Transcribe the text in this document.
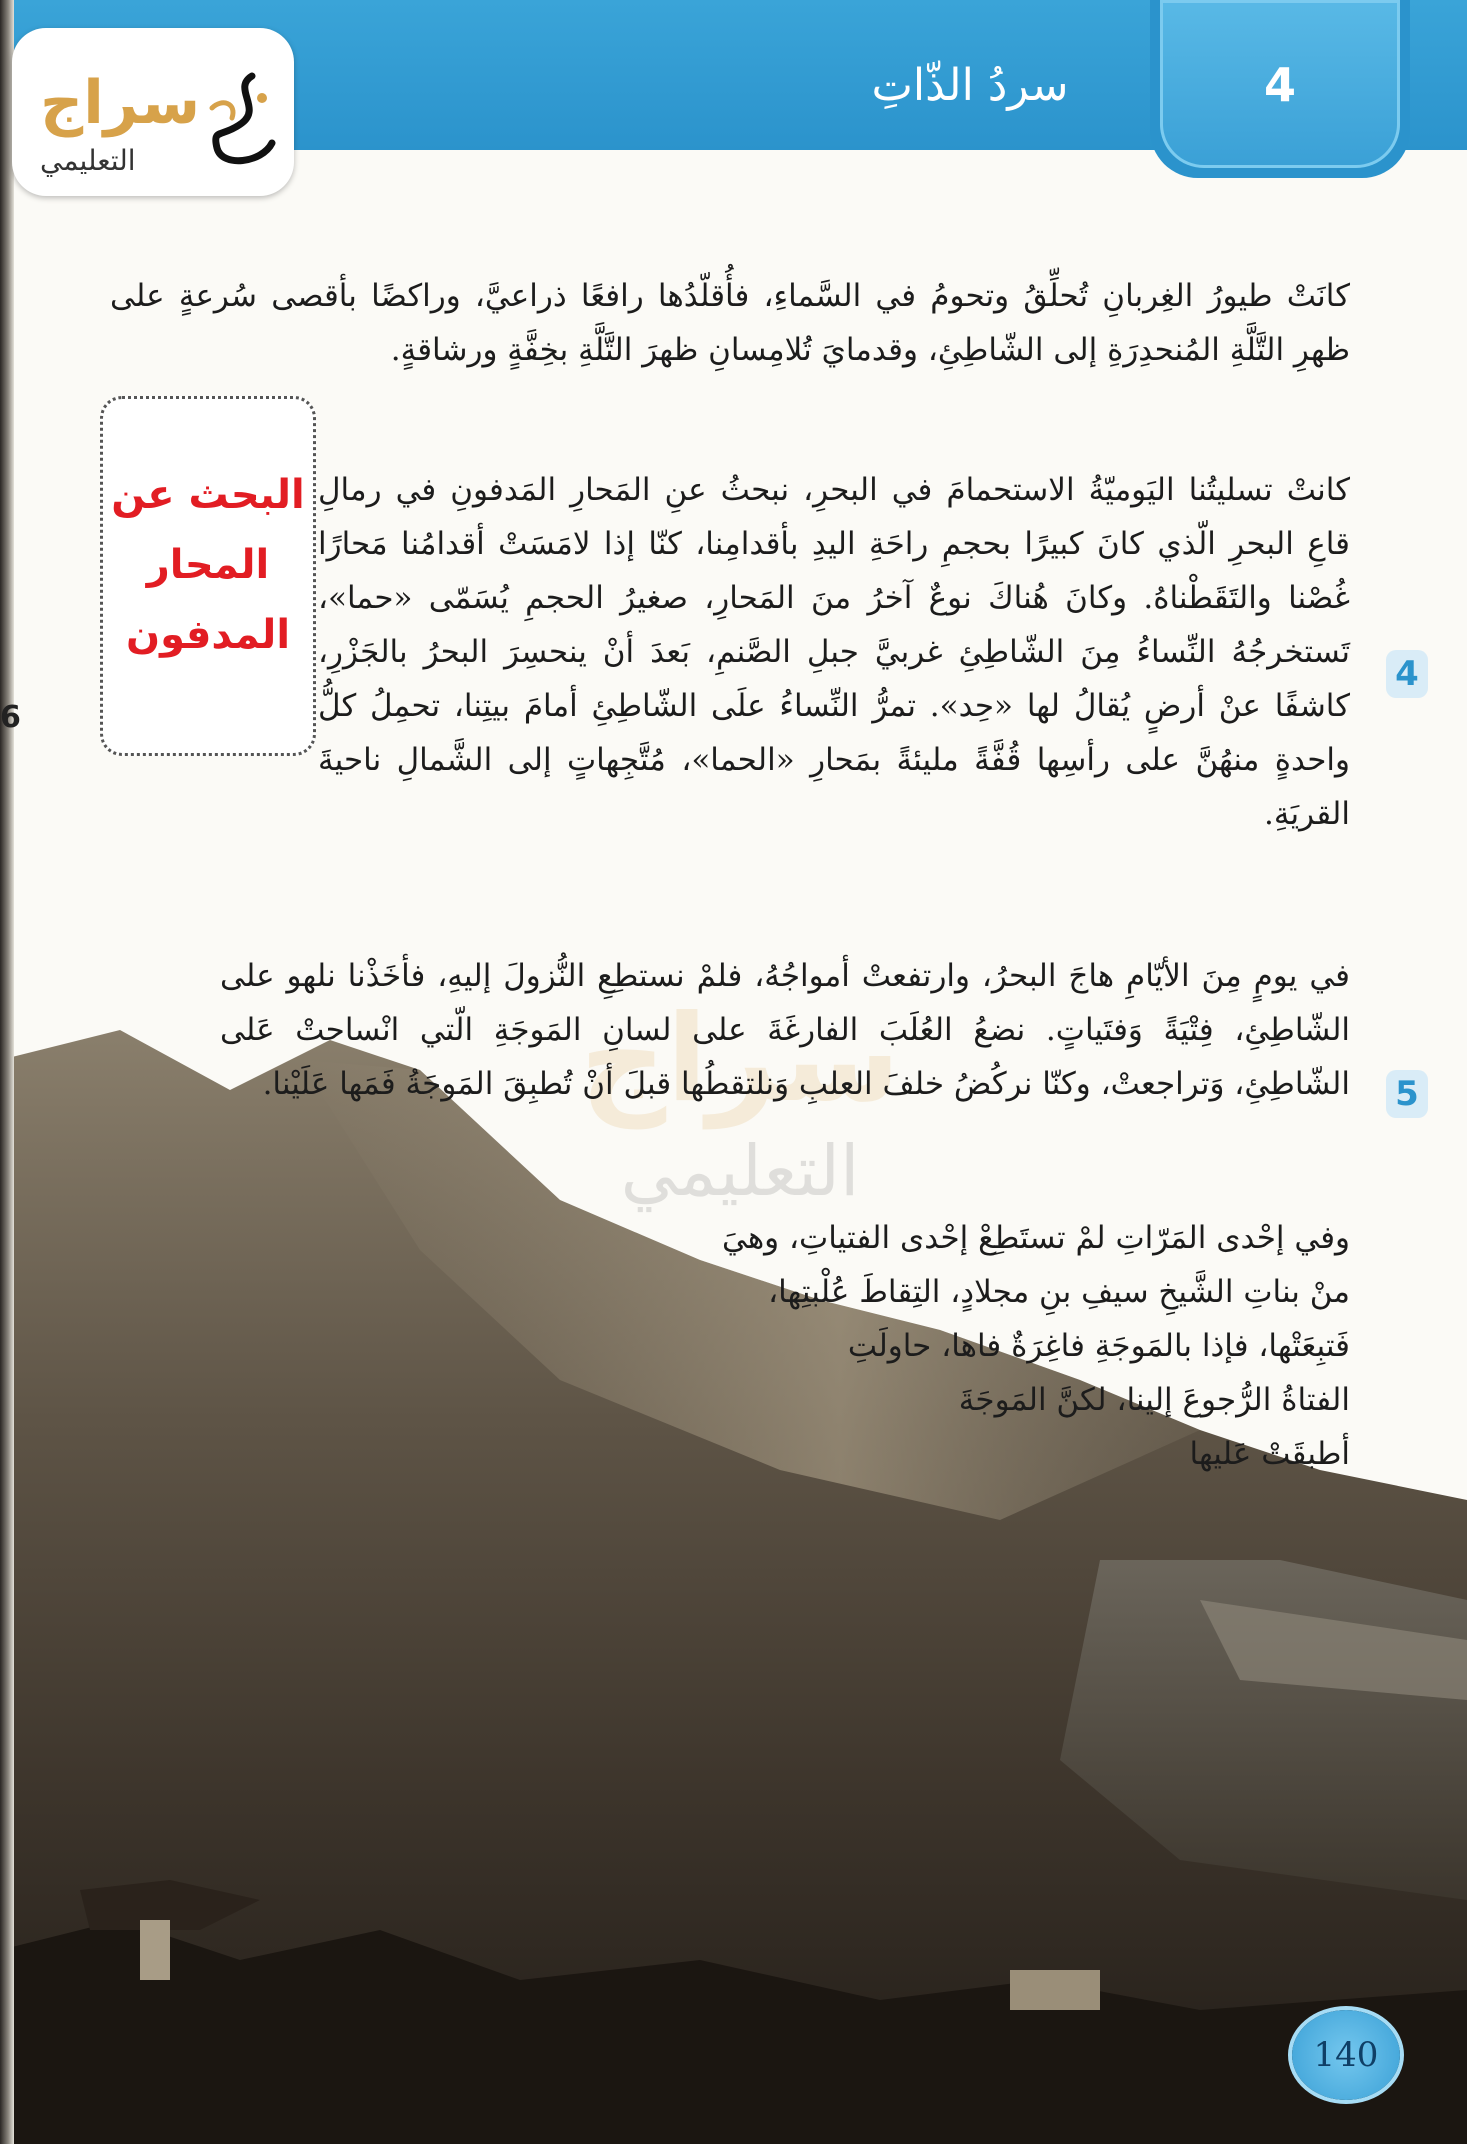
6
4
سردُ الذّاتِ
سراج
التعليمي
سراج
التعليمي

كانَتْ طيورُ الغِربانِ تُحلِّقُ وتحومُ في السَّماءِ، فأُقلّدُها رافعًا ذراعيَّ، وراكضًا بأقصى سُرعةٍ على ظهرِ التَّلَّةِ المُنحدِرَةِ إلى الشّاطِئِ، وقدمايَ تُلامِسانِ ظهرَ التَّلَّةِ بخِفَّةٍ ورشاقةٍ.

البحث عن
المحار
المدفون

كانتْ تسليتُنا اليَوميّةُ الاستحمامَ في البحرِ، نبحثُ عنِ المَحارِ المَدفونِ في رمالِ قاعِ البحرِ الّذي كانَ كبيرًا بحجمِ راحَةِ اليدِ بأقدامِنا، كنّا إذا لامَسَتْ أقدامُنا مَحارًا غُصْنا والتَقَطْناهُ. وكانَ هُناكَ نوعٌ آخرُ منَ المَحارِ، صغيرُ الحجمِ يُسَمّى «حما»، تَستخرجُهُ النِّساءُ مِنَ الشّاطِئِ غربيَّ جبلِ الصَّنمِ، بَعدَ أنْ ينحسِرَ البحرُ بالجَزْرِ، كاشفًا عنْ أرضٍ يُقالُ لها «حِد». تمرُّ النِّساءُ علَى الشّاطِئِ أمامَ بيتِنا، تحمِلُ كلُّ واحدةٍ منهُنَّ على رأسِها قُفَّةً مليئةً بمَحارِ «الحما»، مُتَّجِهاتٍ إلى الشَّمالِ ناحيةَ القريَةِ.

4

في يومٍ مِنَ الأيّامِ هاجَ البحرُ، وارتفعتْ أمواجُهُ، فلمْ نستطِعِ النُّزولَ إليهِ، فأخَذْنا نلهو على الشّاطِئِ، فِتْيَةً وَفتَياتٍ. نضعُ العُلَبَ الفارغَةَ على لسانِ المَوجَةِ الّتي انْساحتْ عَلى الشّاطِئِ، وَتراجعتْ، وكنّا نركُضُ خلفَ العلبِ وَنلتقطُها قبلَ أنْ تُطبِقَ المَوجَةُ فَمَها عَلَيْنا. 5

وفي إحْدى المَرّاتِ لمْ تستَطِعْ إحْدى الفتياتِ، وهيَ
منْ بناتِ الشَّيخِ سيفِ بنِ مجلادٍ، التِقاطَ عُلْبتِها،
فَتبِعَتْها، فإذا بالمَوجَةِ فاغِرَةٌ فاها، حاولَتِ
الفتاةُ الرُّجوعَ إلينا، لكنَّ المَوجَةَ
أطبقَتْ عَليها

140
